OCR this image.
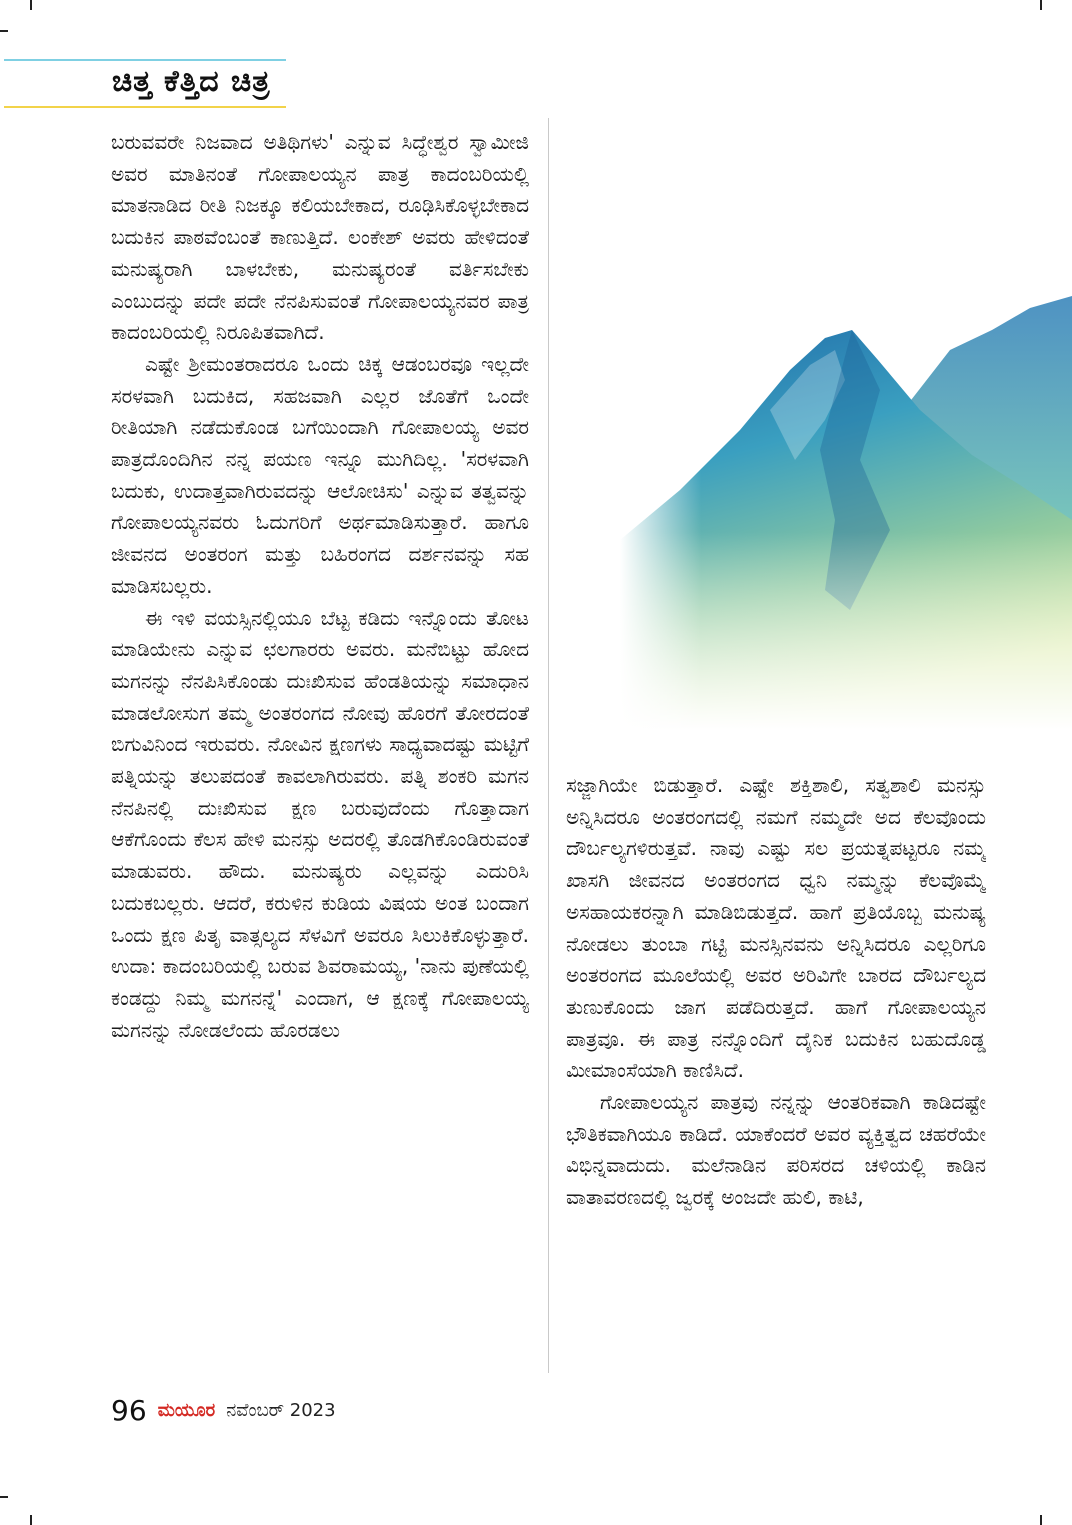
ಚಿತ್ತ ಕೆತ್ತಿದ ಚಿತ್ರ

ಬರುವವರೇ ನಿಜವಾದ ಅತಿಥಿಗಳು' ಎನ್ನುವ ಸಿದ್ಧೇಶ್ವರ ಸ್ವಾಮೀಜಿ ಅವರ ಮಾತಿನಂತೆ ಗೋಪಾಲಯ್ಯನ ಪಾತ್ರ ಕಾದಂಬರಿಯಲ್ಲಿ ಮಾತನಾಡಿದ ರೀತಿ ನಿಜಕ್ಕೂ ಕಲಿಯಬೇಕಾದ, ರೂಢಿಸಿಕೊಳ್ಳಬೇಕಾದ ಬದುಕಿನ ಪಾಠವೆಂಬಂತೆ ಕಾಣುತ್ತಿದೆ. ಲಂಕೇಶ್ ಅವರು ಹೇಳಿದಂತೆ ಮನುಷ್ಯರಾಗಿ ಬಾಳಬೇಕು, ಮನುಷ್ಯರಂತೆ ವರ್ತಿಸಬೇಕು ಎಂಬುದನ್ನು ಪದೇ ಪದೇ ನೆನಪಿಸುವಂತೆ ಗೋಪಾಲಯ್ಯನವರ ಪಾತ್ರ ಕಾದಂಬರಿಯಲ್ಲಿ ನಿರೂಪಿತವಾಗಿದೆ.

ಎಷ್ಟೇ ಶ್ರೀಮಂತರಾದರೂ ಒಂದು ಚಿಕ್ಕ ಆಡಂಬರವೂ ಇಲ್ಲದೇ ಸರಳವಾಗಿ ಬದುಕಿದ, ಸಹಜವಾಗಿ ಎಲ್ಲರ ಜೊತೆಗೆ ಒಂದೇ ರೀತಿಯಾಗಿ ನಡೆದುಕೊಂಡ ಬಗೆಯಿಂದಾಗಿ ಗೋಪಾಲಯ್ಯ ಅವರ ಪಾತ್ರದೊಂದಿಗಿನ ನನ್ನ ಪಯಣ ಇನ್ನೂ ಮುಗಿದಿಲ್ಲ. 'ಸರಳವಾಗಿ ಬದುಕು, ಉದಾತ್ತವಾಗಿರುವದನ್ನು ಆಲೋಚಿಸು' ಎನ್ನುವ ತತ್ವವನ್ನು ಗೋಪಾಲಯ್ಯನವರು ಓದುಗರಿಗೆ ಅರ್ಥಮಾಡಿಸುತ್ತಾರೆ. ಹಾಗೂ ಜೀವನದ ಅಂತರಂಗ ಮತ್ತು ಬಹಿರಂಗದ ದರ್ಶನವನ್ನು ಸಹ ಮಾಡಿಸಬಲ್ಲರು.

ಈ ಇಳಿ ವಯಸ್ಸಿನಲ್ಲಿಯೂ ಬೆಟ್ಟ ಕಡಿದು ಇನ್ನೊಂದು ತೋಟ ಮಾಡಿಯೇನು ಎನ್ನುವ ಛಲಗಾರರು ಅವರು. ಮನೆಬಿಟ್ಟು ಹೋದ ಮಗನನ್ನು ನೆನಪಿಸಿಕೊಂಡು ದುಃಖಿಸುವ ಹೆಂಡತಿಯನ್ನು ಸಮಾಧಾನ ಮಾಡಲೋಸುಗ ತಮ್ಮ ಅಂತರಂಗದ ನೋವು ಹೊರಗೆ ತೋರದಂತೆ ಬಿಗುವಿನಿಂದ ಇರುವರು. ನೋವಿನ ಕ್ಷಣಗಳು ಸಾಧ್ಯವಾದಷ್ಟು ಮಟ್ಟಿಗೆ ಪತ್ನಿಯನ್ನು ತಲುಪದಂತೆ ಕಾವಲಾಗಿರುವರು. ಪತ್ನಿ ಶಂಕರಿ ಮಗನ ನೆನಪಿನಲ್ಲಿ ದುಃಖಿಸುವ ಕ್ಷಣ ಬರುವುದೆಂದು ಗೊತ್ತಾದಾಗ ಆಕೆಗೊಂದು ಕೆಲಸ ಹೇಳಿ ಮನಸ್ಸು ಅದರಲ್ಲಿ ತೊಡಗಿಕೊಂಡಿರುವಂತೆ ಮಾಡುವರು. ಹೌದು. ಮನುಷ್ಯರು ಎಲ್ಲವನ್ನು ಎದುರಿಸಿ ಬದುಕಬಲ್ಲರು. ಆದರೆ, ಕರುಳಿನ ಕುಡಿಯ ವಿಷಯ ಅಂತ ಬಂದಾಗ ಒಂದು ಕ್ಷಣ ಪಿತೃ ವಾತ್ಸಲ್ಯದ ಸೆಳವಿಗೆ ಅವರೂ ಸಿಲುಕಿಕೊಳ್ಳುತ್ತಾರೆ. ಉದಾ: ಕಾದಂಬರಿಯಲ್ಲಿ ಬರುವ ಶಿವರಾಮಯ್ಯ, 'ನಾನು ಪುಣೆಯಲ್ಲಿ ಕಂಡದ್ದು ನಿಮ್ಮ ಮಗನನ್ನೆ' ಎಂದಾಗ, ಆ ಕ್ಷಣಕ್ಕೆ ಗೋಪಾಲಯ್ಯ ಮಗನನ್ನು ನೋಡಲೆಂದು ಹೊರಡಲು

ಸಜ್ಜಾಗಿಯೇ ಬಿಡುತ್ತಾರೆ. ಎಷ್ಟೇ ಶಕ್ತಿಶಾಲಿ, ಸತ್ವಶಾಲಿ ಮನಸ್ಸು ಅನ್ನಿಸಿದರೂ ಅಂತರಂಗದಲ್ಲಿ ನಮಗೆ ನಮ್ಮದೇ ಅದ ಕೆಲವೊಂದು ದೌರ್ಬಲ್ಯಗಳಿರುತ್ತವೆ. ನಾವು ಎಷ್ಟು ಸಲ ಪ್ರಯತ್ನಪಟ್ಟರೂ ನಮ್ಮ ಖಾಸಗಿ ಜೀವನದ ಅಂತರಂಗದ ಧ್ವನಿ ನಮ್ಮನ್ನು ಕೆಲವೊಮ್ಮೆ ಅಸಹಾಯಕರನ್ನಾಗಿ ಮಾಡಿಬಿಡುತ್ತದೆ. ಹಾಗೆ ಪ್ರತಿಯೊಬ್ಬ ಮನುಷ್ಯ ನೋಡಲು ತುಂಬಾ ಗಟ್ಟಿ ಮನಸ್ಸಿನವನು ಅನ್ನಿಸಿದರೂ ಎಲ್ಲರಿಗೂ ಅಂತರಂಗದ ಮೂಲೆಯಲ್ಲಿ ಅವರ ಅರಿವಿಗೇ ಬಾರದ ದೌರ್ಬಲ್ಯದ ತುಣುಕೊಂದು ಜಾಗ ಪಡೆದಿರುತ್ತದೆ. ಹಾಗೆ ಗೋಪಾಲಯ್ಯನ ಪಾತ್ರವೂ. ಈ ಪಾತ್ರ ನನ್ನೊಂದಿಗೆ ದೈನಿಕ ಬದುಕಿನ ಬಹುದೊಡ್ಡ ಮೀಮಾಂಸೆಯಾಗಿ ಕಾಣಿಸಿದೆ.

ಗೋಪಾಲಯ್ಯನ ಪಾತ್ರವು ನನ್ನನ್ನು ಆಂತರಿಕವಾಗಿ ಕಾಡಿದಷ್ಟೇ ಭೌತಿಕವಾಗಿಯೂ ಕಾಡಿದೆ. ಯಾಕೆಂದರೆ ಅವರ ವ್ಯಕ್ತಿತ್ವದ ಚಹರೆಯೇ ವಿಭಿನ್ನವಾದುದು. ಮಲೆನಾಡಿನ ಪರಿಸರದ ಚಳಿಯಲ್ಲಿ ಕಾಡಿನ ವಾತಾವರಣದಲ್ಲಿ ಜ್ವರಕ್ಕೆ ಅಂಜದೇ ಹುಲಿ, ಕಾಟಿ,

96 ಮಯೂರ ನವೆಂಬರ್ 2023
